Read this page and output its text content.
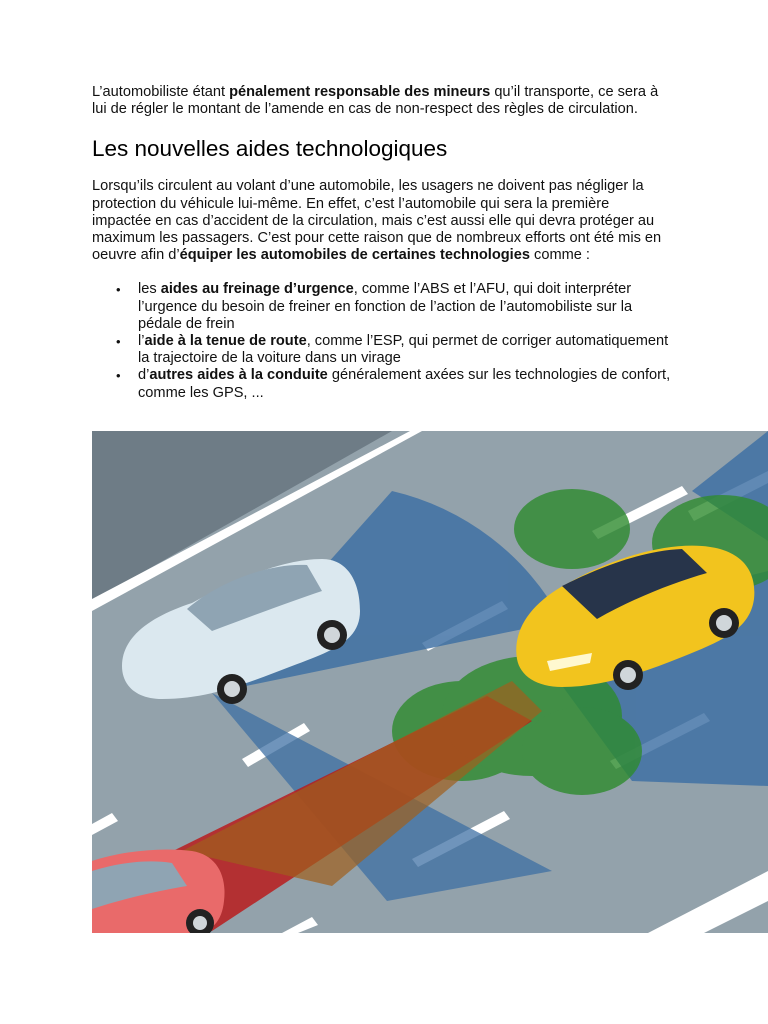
L’automobiliste étant pénalement responsable des mineurs qu’il transporte, ce sera à lui de régler le montant de l’amende en cas de non-respect des règles de circulation.

Les nouvelles aides technologiques

Lorsqu’ils circulent au volant d’une automobile, les usagers ne doivent pas négliger la protection du véhicule lui-même. En effet, c’est l’automobile qui sera la première impactée en cas d’accident de la circulation, mais c’est aussi elle qui devra protéger au maximum les passagers. C’est pour cette raison que de nombreux efforts ont été mis en oeuvre afin d’équiper les automobiles de certaines technologies comme :

• les aides au freinage d’urgence, comme l’ABS et l’AFU, qui doit interpréter l’urgence du besoin de freiner en fonction de l’action de l’automobiliste sur la pédale de frein
• l’aide à la tenue de route, comme l’ESP, qui permet de corriger automatiquement la trajectoire de la voiture dans un virage
• d’autres aides à la conduite généralement axées sur les technologies de confort, comme les GPS, ...
